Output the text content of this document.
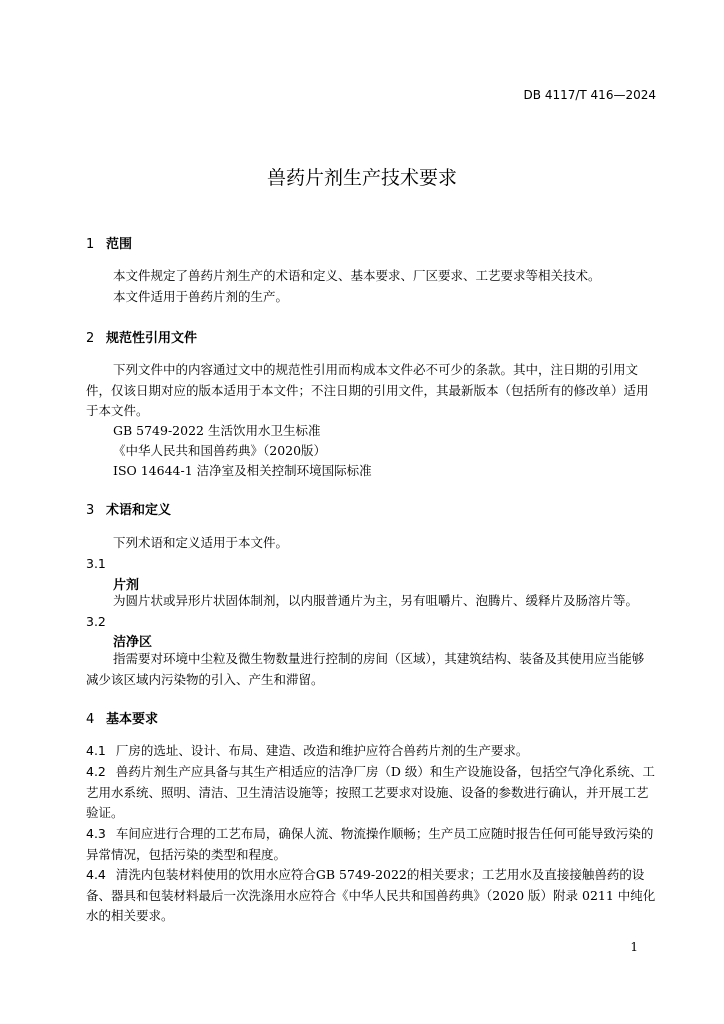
DB 4117/T 416—2024
兽药片剂生产技术要求
1 范围
本文件规定了兽药片剂生产的术语和定义、基本要求、厂区要求、工艺要求等相关技术。
本文件适用于兽药片剂的生产。
2 规范性引用文件
下列文件中的内容通过文中的规范性引用而构成本文件必不可少的条款。其中，注日期的引用文件，仅该日期对应的版本适用于本文件；不注日期的引用文件，其最新版本（包括所有的修改单）适用于本文件。
GB 5749-2022 生活饮用水卫生标准
《中华人民共和国兽药典》（2020版）
ISO 14644-1 洁净室及相关控制环境国际标准
3 术语和定义
下列术语和定义适用于本文件。
3.1
片剂
为圆片状或异形片状固体制剂，以内服普通片为主，另有咀嚼片、泡腾片、缓释片及肠溶片等。
3.2
洁净区
指需要对环境中尘粒及微生物数量进行控制的房间（区域），其建筑结构、装备及其使用应当能够减少该区域内污染物的引入、产生和滞留。
4 基本要求
4.1 厂房的选址、设计、布局、建造、改造和维护应符合兽药片剂的生产要求。
4.2 兽药片剂生产应具备与其生产相适应的洁净厂房（D 级）和生产设施设备，包括空气净化系统、工艺用水系统、照明、清洁、卫生清洁设施等；按照工艺要求对设施、设备的参数进行确认，并开展工艺验证。
4.3 车间应进行合理的工艺布局，确保人流、物流操作顺畅；生产员工应随时报告任何可能导致污染的异常情况，包括污染的类型和程度。
4.4 清洗内包装材料使用的饮用水应符合GB 5749-2022的相关要求；工艺用水及直接接触兽药的设备、器具和包装材料最后一次洗涤用水应符合《中华人民共和国兽药典》（2020 版）附录 0211 中纯化水的相关要求。
1
